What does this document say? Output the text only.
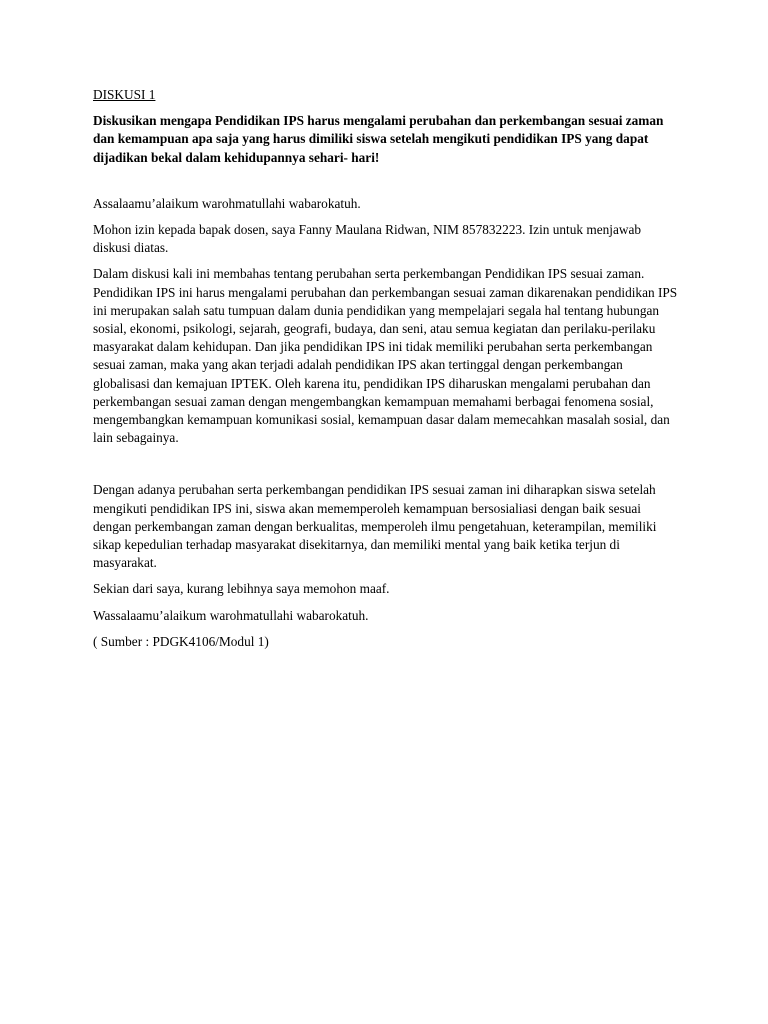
DISKUSI 1

Diskusikan mengapa Pendidikan IPS harus mengalami perubahan dan perkembangan sesuai zaman dan kemampuan apa saja yang harus dimiliki siswa setelah mengikuti pendidikan IPS yang dapat dijadikan bekal dalam kehidupannya sehari- hari!

Assalaamu’alaikum warohmatullahi wabarokatuh.

Mohon izin kepada bapak dosen, saya Fanny Maulana Ridwan, NIM 857832223. Izin untuk menjawab diskusi diatas.

Dalam diskusi kali ini membahas tentang perubahan serta perkembangan Pendidikan IPS sesuai zaman. Pendidikan IPS ini harus mengalami perubahan dan perkembangan sesuai zaman dikarenakan pendidikan IPS ini merupakan salah satu tumpuan dalam dunia pendidikan yang mempelajari segala hal tentang hubungan sosial, ekonomi, psikologi, sejarah, geografi, budaya, dan seni, atau semua kegiatan dan perilaku-perilaku masyarakat dalam kehidupan. Dan jika pendidikan IPS ini tidak memiliki perubahan serta perkembangan sesuai zaman, maka yang akan terjadi adalah pendidikan IPS akan tertinggal dengan perkembangan globalisasi dan kemajuan IPTEK. Oleh karena itu, pendidikan IPS diharuskan mengalami perubahan dan perkembangan sesuai zaman dengan mengembangkan kemampuan memahami berbagai fenomena sosial, mengembangkan kemampuan komunikasi sosial, kemampuan dasar dalam memecahkan masalah sosial, dan lain sebagainya.

Dengan adanya perubahan serta perkembangan pendidikan IPS sesuai zaman ini diharapkan siswa setelah mengikuti pendidikan IPS ini, siswa akan mememperoleh kemampuan bersosialiasi dengan baik sesuai dengan perkembangan zaman dengan berkualitas, memperoleh ilmu pengetahuan, keterampilan, memiliki sikap kepedulian terhadap masyarakat disekitarnya, dan memiliki mental yang baik ketika terjun di masyarakat.

Sekian dari saya, kurang lebihnya saya memohon maaf.

Wassalaamu’alaikum warohmatullahi wabarokatuh.

( Sumber : PDGK4106/Modul 1)
